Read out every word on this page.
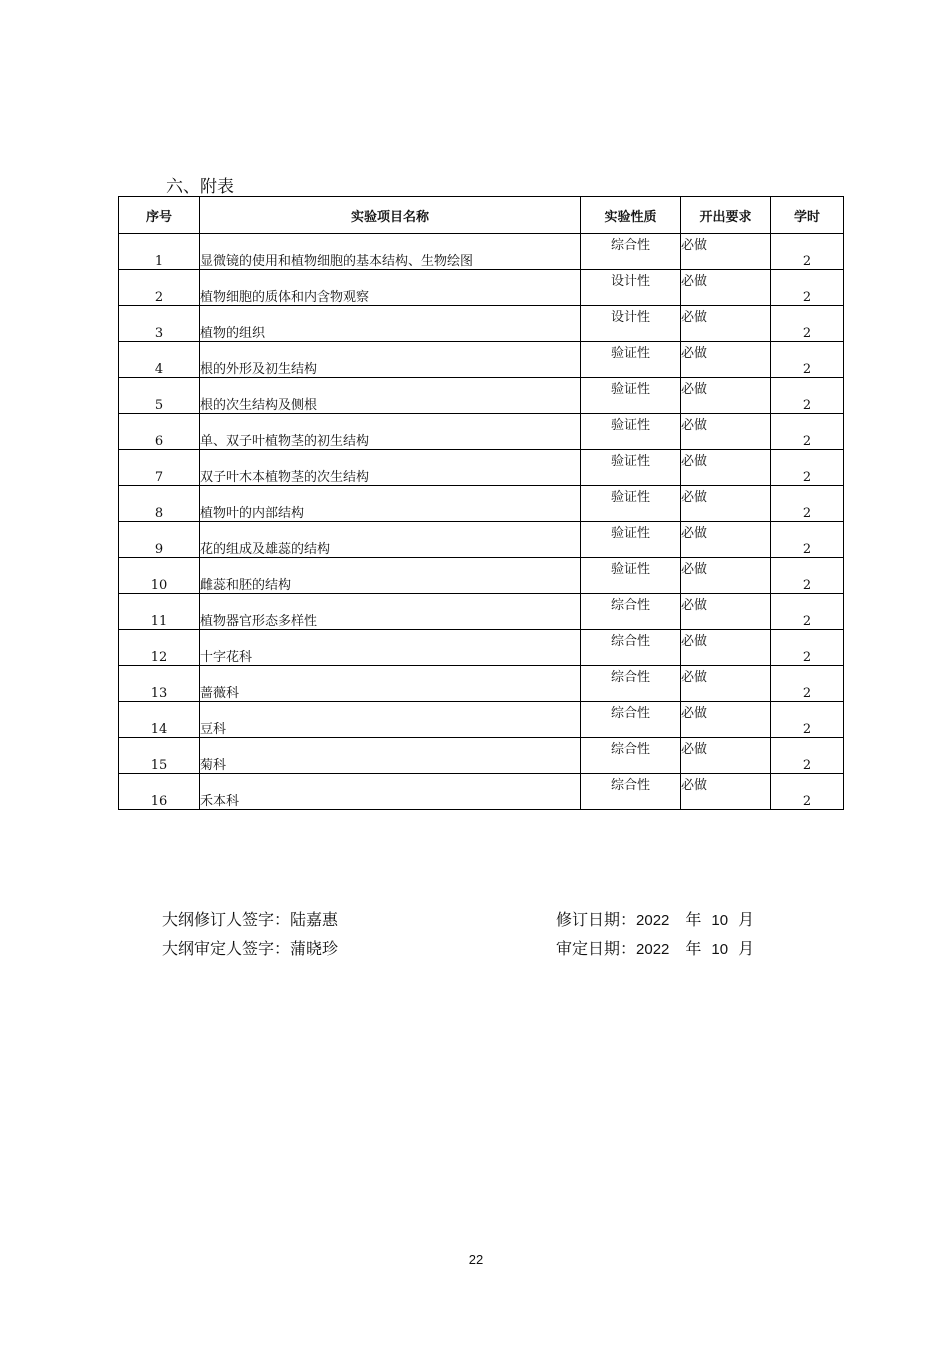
六、附表
序号	实验项目名称	实验性质	开出要求	学时
1	显微镜的使用和植物细胞的基本结构、生物绘图	综合性	必做	2
2	植物细胞的质体和内含物观察	设计性	必做	2
3	植物的组织	设计性	必做	2
4	根的外形及初生结构	验证性	必做	2
5	根的次生结构及侧根	验证性	必做	2
6	单、双子叶植物茎的初生结构	验证性	必做	2
7	双子叶木本植物茎的次生结构	验证性	必做	2
8	植物叶的内部结构	验证性	必做	2
9	花的组成及雄蕊的结构	验证性	必做	2
10	雌蕊和胚的结构	验证性	必做	2
11	植物器官形态多样性	综合性	必做	2
12	十字花科	综合性	必做	2
13	蔷薇科	综合性	必做	2
14	豆科	综合性	必做	2
15	菊科	综合性	必做	2
16	禾本科	综合性	必做	2
大纲修订人签字：陆嘉惠	修订日期：2022 年 10 月
大纲审定人签字：蒲晓珍	审定日期：2022 年 10 月
22
